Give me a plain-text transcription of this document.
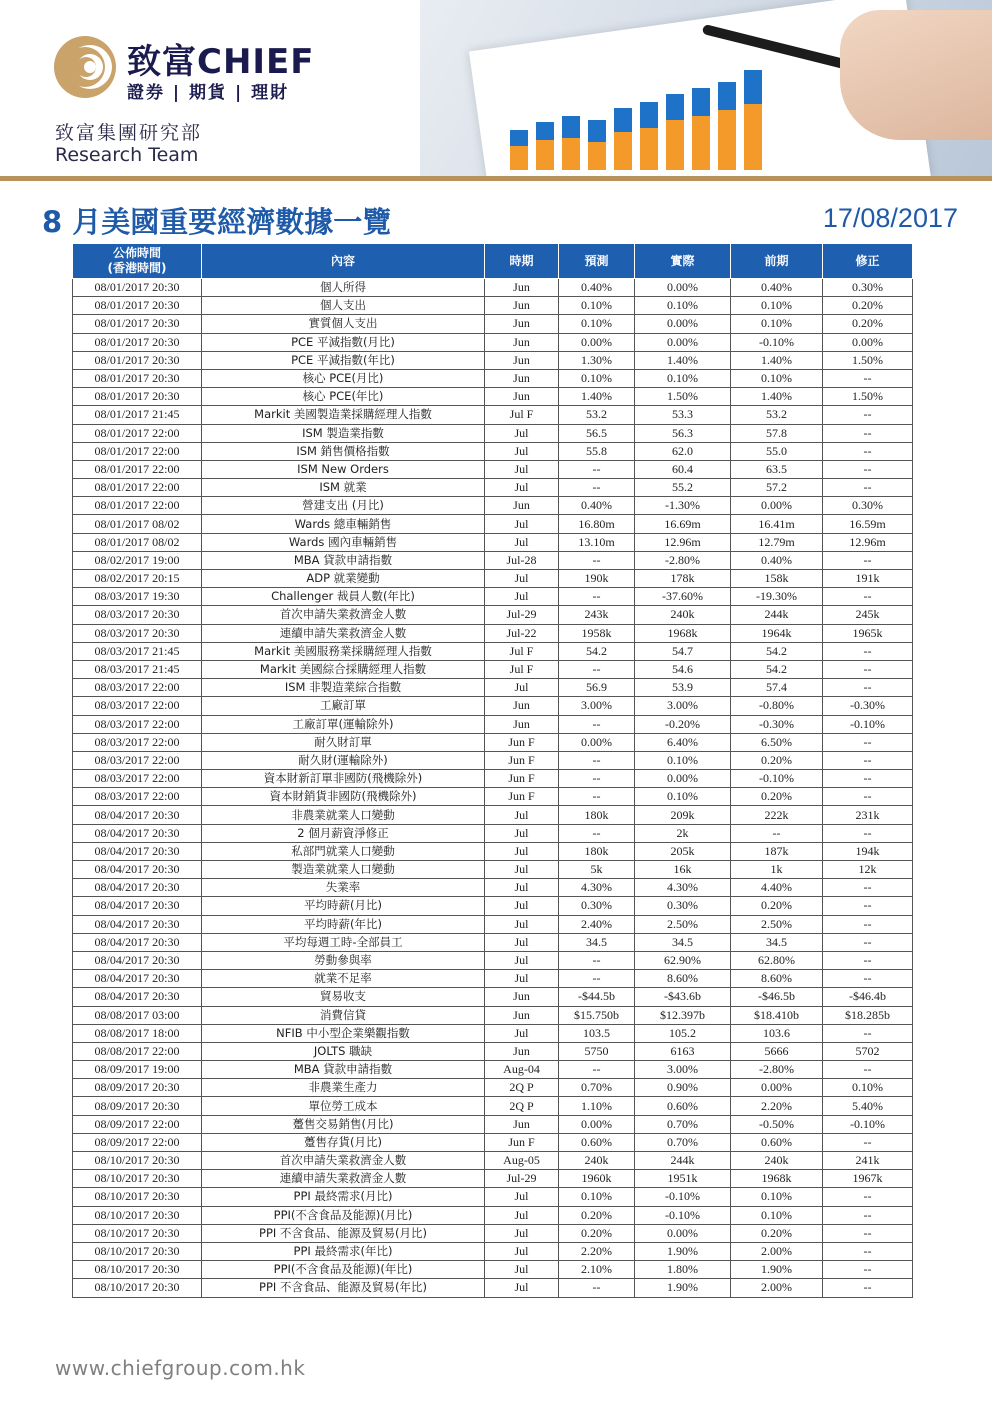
致富CHIEF
證券 | 期貨 | 理財
致富集團研究部
Research Team
8 月美國重要經濟數據一覽	17/08/2017
公佈時間
(香港時間)	內容	時期	預測	實際	前期	修正
08/01/2017 20:30	個人所得	Jun	0.40%	0.00%	0.40%	0.30%
08/01/2017 20:30	個人支出	Jun	0.10%	0.10%	0.10%	0.20%
08/01/2017 20:30	實質個人支出	Jun	0.10%	0.00%	0.10%	0.20%
08/01/2017 20:30	PCE 平減指數(月比)	Jun	0.00%	0.00%	-0.10%	0.00%
08/01/2017 20:30	PCE 平減指數(年比)	Jun	1.30%	1.40%	1.40%	1.50%
08/01/2017 20:30	核心 PCE(月比)	Jun	0.10%	0.10%	0.10%	--
08/01/2017 20:30	核心 PCE(年比)	Jun	1.40%	1.50%	1.40%	1.50%
08/01/2017 21:45	Markit 美國製造業採購經理人指數	Jul F	53.2	53.3	53.2	--
08/01/2017 22:00	ISM 製造業指數	Jul	56.5	56.3	57.8	--
08/01/2017 22:00	ISM 銷售價格指數	Jul	55.8	62.0	55.0	--
08/01/2017 22:00	ISM New Orders	Jul	--	60.4	63.5	--
08/01/2017 22:00	ISM 就業	Jul	--	55.2	57.2	--
08/01/2017 22:00	營建支出 (月比)	Jun	0.40%	-1.30%	0.00%	0.30%
08/01/2017 08/02	Wards 總車輛銷售	Jul	16.80m	16.69m	16.41m	16.59m
08/01/2017 08/02	Wards 國內車輛銷售	Jul	13.10m	12.96m	12.79m	12.96m
08/02/2017 19:00	MBA 貸款申請指數	Jul-28	--	-2.80%	0.40%	--
08/02/2017 20:15	ADP 就業變動	Jul	190k	178k	158k	191k
08/03/2017 19:30	Challenger 裁員人數(年比)	Jul	--	-37.60%	-19.30%	--
08/03/2017 20:30	首次申請失業救濟金人數	Jul-29	243k	240k	244k	245k
08/03/2017 20:30	連續申請失業救濟金人數	Jul-22	1958k	1968k	1964k	1965k
08/03/2017 21:45	Markit 美國服務業採購經理人指數	Jul F	54.2	54.7	54.2	--
08/03/2017 21:45	Markit 美國綜合採購經理人指數	Jul F	--	54.6	54.2	--
08/03/2017 22:00	ISM 非製造業綜合指數	Jul	56.9	53.9	57.4	--
08/03/2017 22:00	工廠訂單	Jun	3.00%	3.00%	-0.80%	-0.30%
08/03/2017 22:00	工廠訂單(運輸除外)	Jun	--	-0.20%	-0.30%	-0.10%
08/03/2017 22:00	耐久財訂單	Jun F	0.00%	6.40%	6.50%	--
08/03/2017 22:00	耐久財(運輸除外)	Jun F	--	0.10%	0.20%	--
08/03/2017 22:00	資本財新訂單非國防(飛機除外)	Jun F	--	0.00%	-0.10%	--
08/03/2017 22:00	資本財銷貨非國防(飛機除外)	Jun F	--	0.10%	0.20%	--
08/04/2017 20:30	非農業就業人口變動	Jul	180k	209k	222k	231k
08/04/2017 20:30	2 個月薪資淨修正	Jul	--	2k	--	--
08/04/2017 20:30	私部門就業人口變動	Jul	180k	205k	187k	194k
08/04/2017 20:30	製造業就業人口變動	Jul	5k	16k	1k	12k
08/04/2017 20:30	失業率	Jul	4.30%	4.30%	4.40%	--
08/04/2017 20:30	平均時薪(月比)	Jul	0.30%	0.30%	0.20%	--
08/04/2017 20:30	平均時薪(年比)	Jul	2.40%	2.50%	2.50%	--
08/04/2017 20:30	平均每週工時-全部員工	Jul	34.5	34.5	34.5	--
08/04/2017 20:30	勞動參與率	Jul	--	62.90%	62.80%	--
08/04/2017 20:30	就業不足率	Jul	--	8.60%	8.60%	--
08/04/2017 20:30	貿易收支	Jun	-$44.5b	-$43.6b	-$46.5b	-$46.4b
08/08/2017 03:00	消費信貸	Jun	$15.750b	$12.397b	$18.410b	$18.285b
08/08/2017 18:00	NFIB 中小型企業樂觀指數	Jul	103.5	105.2	103.6	--
08/08/2017 22:00	JOLTS 職缺	Jun	5750	6163	5666	5702
08/09/2017 19:00	MBA 貸款申請指數	Aug-04	--	3.00%	-2.80%	--
08/09/2017 20:30	非農業生產力	2Q P	0.70%	0.90%	0.00%	0.10%
08/09/2017 20:30	單位勞工成本	2Q P	1.10%	0.60%	2.20%	5.40%
08/09/2017 22:00	躉售交易銷售(月比)	Jun	0.00%	0.70%	-0.50%	-0.10%
08/09/2017 22:00	躉售存貨(月比)	Jun F	0.60%	0.70%	0.60%	--
08/10/2017 20:30	首次申請失業救濟金人數	Aug-05	240k	244k	240k	241k
08/10/2017 20:30	連續申請失業救濟金人數	Jul-29	1960k	1951k	1968k	1967k
08/10/2017 20:30	PPI 最終需求(月比)	Jul	0.10%	-0.10%	0.10%	--
08/10/2017 20:30	PPI(不含食品及能源)(月比)	Jul	0.20%	-0.10%	0.10%	--
08/10/2017 20:30	PPI 不含食品、能源及貿易(月比)	Jul	0.20%	0.00%	0.20%	--
08/10/2017 20:30	PPI 最終需求(年比)	Jul	2.20%	1.90%	2.00%	--
08/10/2017 20:30	PPI(不含食品及能源)(年比)	Jul	2.10%	1.80%	1.90%	--
08/10/2017 20:30	PPI 不含食品、能源及貿易(年比)	Jul	--	1.90%	2.00%	--
www.chiefgroup.com.hk
